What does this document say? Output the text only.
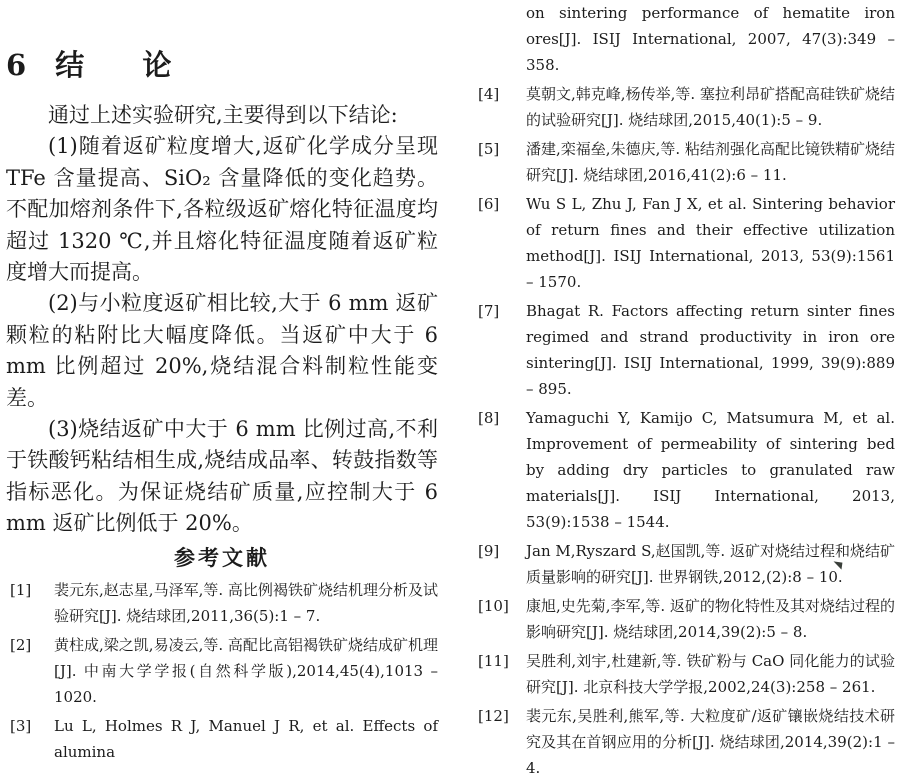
6 结 论

通过上述实验研究,主要得到以下结论:

(1)随着返矿粒度增大,返矿化学成分呈现TFe 含量提高、SiO₂ 含量降低的变化趋势。不配加熔剂条件下,各粒级返矿熔化特征温度均超过 1320 ℃,并且熔化特征温度随着返矿粒度增大而提高。

(2)与小粒度返矿相比较,大于 6 mm 返矿颗粒的粘附比大幅度降低。当返矿中大于 6 mm 比例超过 20%,烧结混合料制粒性能变差。

(3)烧结返矿中大于 6 mm 比例过高,不利于铁酸钙粘结相生成,烧结成品率、转鼓指数等指标恶化。为保证烧结矿质量,应控制大于 6 mm 返矿比例低于 20%。

参考文献
[1]	裴元东,赵志星,马泽军,等. 高比例褐铁矿烧结机理分析及试验研究[J]. 烧结球团,2011,36(5):1 – 7.
[2]	黄柱成,梁之凯,易凌云,等. 高配比高铝褐铁矿烧结成矿机理[J]. 中南大学学报(自然科学版),2014,45(4),1013 – 1020.
[3]	Lu L, Holmes R J, Manuel J R, et al. Effects of alumina
on sintering performance of hematite iron ores[J]. ISIJ International, 2007, 47(3):349 – 358.
[4]	莫朝文,韩克峰,杨传举,等. 塞拉利昂矿搭配高硅铁矿烧结的试验研究[J]. 烧结球团,2015,40(1):5 – 9.
[5]	潘建,栾福垒,朱德庆,等. 粘结剂强化高配比镜铁精矿烧结研究[J]. 烧结球团,2016,41(2):6 – 11.
[6]	Wu S L, Zhu J, Fan J X, et al. Sintering behavior of return fines and their effective utilization method[J]. ISIJ International, 2013, 53(9):1561 – 1570.
[7]	Bhagat R. Factors affecting return sinter fines regimed and strand productivity in iron ore sintering[J]. ISIJ International, 1999, 39(9):889 – 895.
[8]	Yamaguchi Y, Kamijo C, Matsumura M, et al. Improvement of permeability of sintering bed by adding dry particles to granulated raw materials[J]. ISIJ International, 2013, 53(9):1538 – 1544.
[9]	Jan M,Ryszard S,赵国凯,等. 返矿对烧结过程和烧结矿质量影响的研究[J]. 世界钢铁,2012,(2):8 – 10.
[10]	康旭,史先菊,李军,等. 返矿的物化特性及其对烧结过程的影响研究[J]. 烧结球团,2014,39(2):5 – 8.
[11]	吴胜利,刘宇,杜建新,等. 铁矿粉与 CaO 同化能力的试验研究[J]. 北京科技大学学报,2002,24(3):258 – 261.
[12]	裴元东,吴胜利,熊军,等. 大粒度矿/返矿镶嵌烧结技术研究及其在首钢应用的分析[J]. 烧结球团,2014,39(2):1 – 4.
